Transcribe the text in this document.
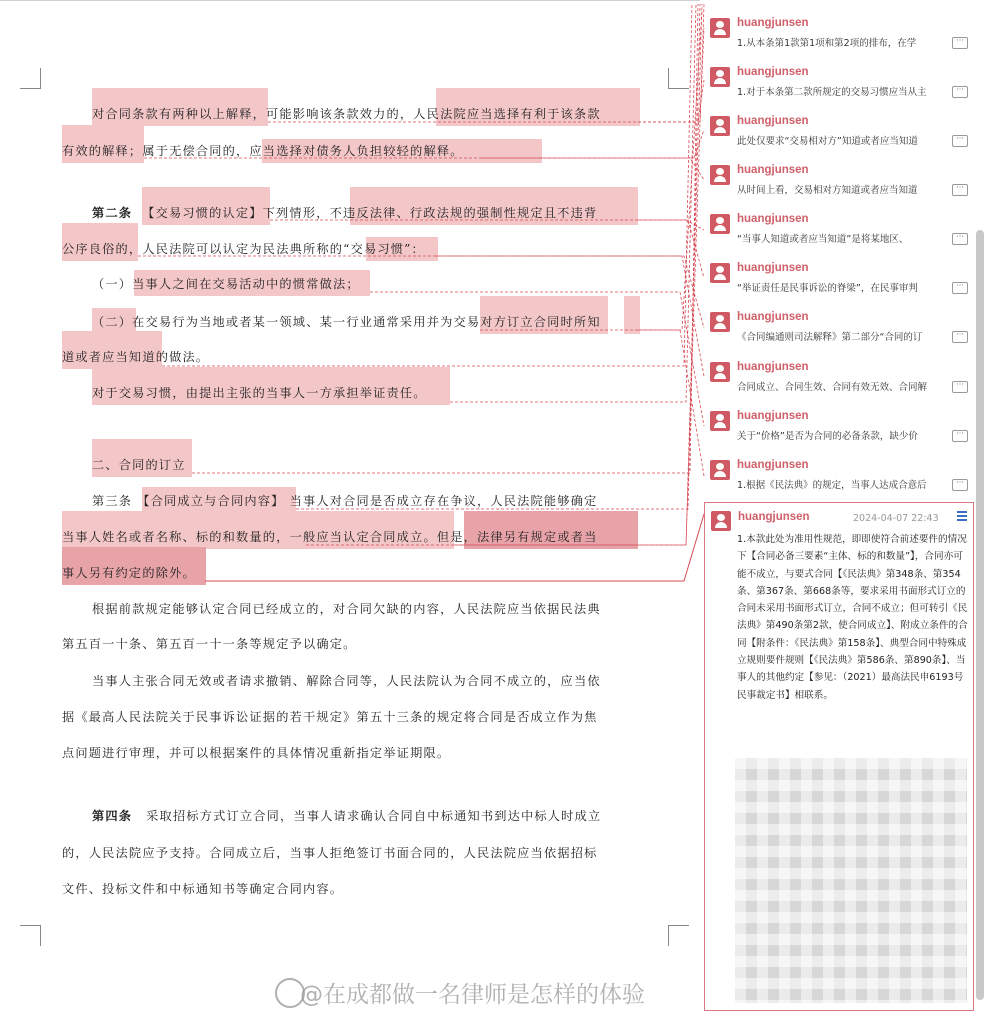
对合同条款有两种以上解释，可能影响该条款效力的，人民法院应当选择有利于该条款
有效的解释；属于无偿合同的，应当选择对债务人负担较轻的解释。
第二条 【交易习惯的认定】下列情形，不违反法律、行政法规的强制性规定且不违背
公序良俗的，人民法院可以认定为民法典所称的“交易习惯”：
（一）当事人之间在交易活动中的惯常做法；
（二）在交易行为当地或者某一领域、某一行业通常采用并为交易对方订立合同时所知
道或者应当知道的做法。
对于交易习惯，由提出主张的当事人一方承担举证责任。
二、合同的订立
第三条 【合同成立与合同内容】 当事人对合同是否成立存在争议，人民法院能够确定
当事人姓名或者名称、标的和数量的，一般应当认定合同成立。但是，法律另有规定或者当
事人另有约定的除外。
根据前款规定能够认定合同已经成立的，对合同欠缺的内容，人民法院应当依据民法典
第五百一十条、第五百一十一条等规定予以确定。
当事人主张合同无效或者请求撤销、解除合同等，人民法院认为合同不成立的，应当依
据《最高人民法院关于民事诉讼证据的若干规定》第五十三条的规定将合同是否成立作为焦
点问题进行审理，并可以根据案件的具体情况重新指定举证期限。
第四条 采取招标方式订立合同，当事人请求确认合同自中标通知书到达中标人时成立
的，人民法院应予支持。合同成立后，当事人拒绝签订书面合同的，人民法院应当依据招标
文件、投标文件和中标通知书等确定合同内容。
huangjunsen
1.从本条第1款第1项和第2项的排布，在学	···
huangjunsen
1.对于本条第二款所规定的交易习惯应当从主	···
huangjunsen
此处仅要求“交易相对方”知道或者应当知道	···
huangjunsen
从时间上看，交易相对方知道或者应当知道	···
huangjunsen
“当事人知道或者应当知道”是将某地区、	···
huangjunsen
“举证责任是民事诉讼的脊梁”，在民事审判	···
huangjunsen
《合同编通则司法解释》第二部分“合同的订	···
huangjunsen
合同成立、合同生效、合同有效无效、合同解	···
huangjunsen
关于“价格”是否为合同的必备条款，缺少价	···
huangjunsen
1.根据《民法典》的规定，当事人达成合意后	···
huangjunsen	2024-04-07 22:43
1.本款此处为准用性规范，即即使符合前述要件的情况下【合同必备三要素“主体、标的和数量”】，合同亦可能不成立，与要式合同【《民法典》第348条、第354条、第367条、第668条等，要求采用书面形式订立的合同未采用书面形式订立，合同不成立；但可转引《民法典》第490条第2款，使合同成立】、附成立条件的合同【附条件：《民法典》第158条】、典型合同中特殊成立规则要件规则【《民法典》第586条、第890条】、当事人的其他约定【参见：（2021）最高法民申6193号民事裁定书】相联系。
@在成都做一名律师是怎样的体验
